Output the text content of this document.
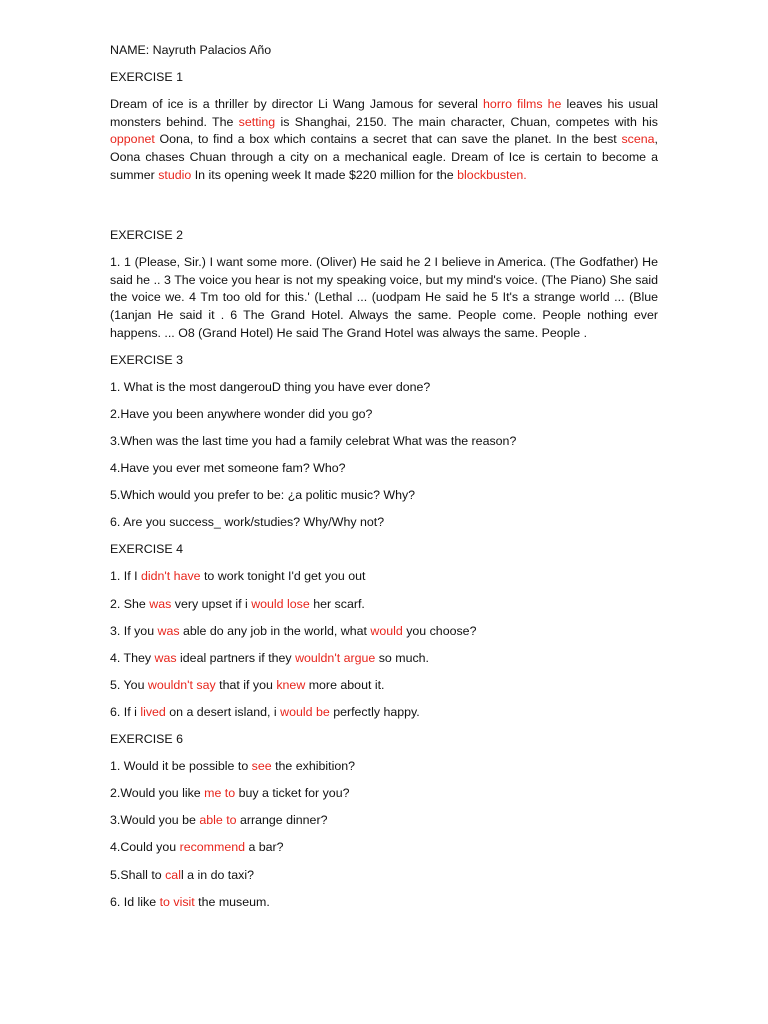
NAME: Nayruth Palacios Año
EXERCISE 1
Dream of ice is a thriller by director Li Wang Jamous for several horro films he leaves his usual monsters behind. The setting is Shanghai, 2150. The main character, Chuan, competes with his opponet Oona, to find a box which contains a secret that can save the planet. In the best scena, Oona chases Chuan through a city on a mechanical eagle. Dream of Ice is certain to become a summer studio In its opening week It made $220 million for the blockbusten.
EXERCISE 2
1. 1 (Please, Sir.) I want some more. (Oliver) He said he 2 I believe in America. (The Godfather) He said he .. 3 The voice you hear is not my speaking voice, but my mind's voice. (The Piano) She said the voice we. 4 Tm too old for this.' (Lethal ... (uodpam He said he 5 It's a strange world ... (Blue (1anjan He said it . 6 The Grand Hotel. Always the same. People come. People nothing ever happens. ... O8 (Grand Hotel) He said The Grand Hotel was always the same. People .
EXERCISE 3
1. What is the most dangerouD thing you have ever done?
2.Have you been anywhere wonder did you go?
3.When was the last time you had a family celebrat What was the reason?
4.Have you ever met someone fam? Who?
5.Which would you prefer to be: ¿a politic music? Why?
6. Are you success_ work/studies? Why/Why not?
EXERCISE 4
1. If I didn't have to work tonight I'd get you out
2. She was very upset if i would lose her scarf.
3. If you was able do any job in the world, what would you choose?
4. They was ideal partners if they wouldn't argue so much.
5. You wouldn't say that if you knew more about it.
6. If i lived on a desert island, i would be perfectly happy.
EXERCISE 6
1. Would it be possible to see the exhibition?
2.Would you like me to buy a ticket for you?
3.Would you be able to arrange dinner?
4.Could you recommend a bar?
5.Shall to call a in do taxi?
6. Id like to visit the museum.
